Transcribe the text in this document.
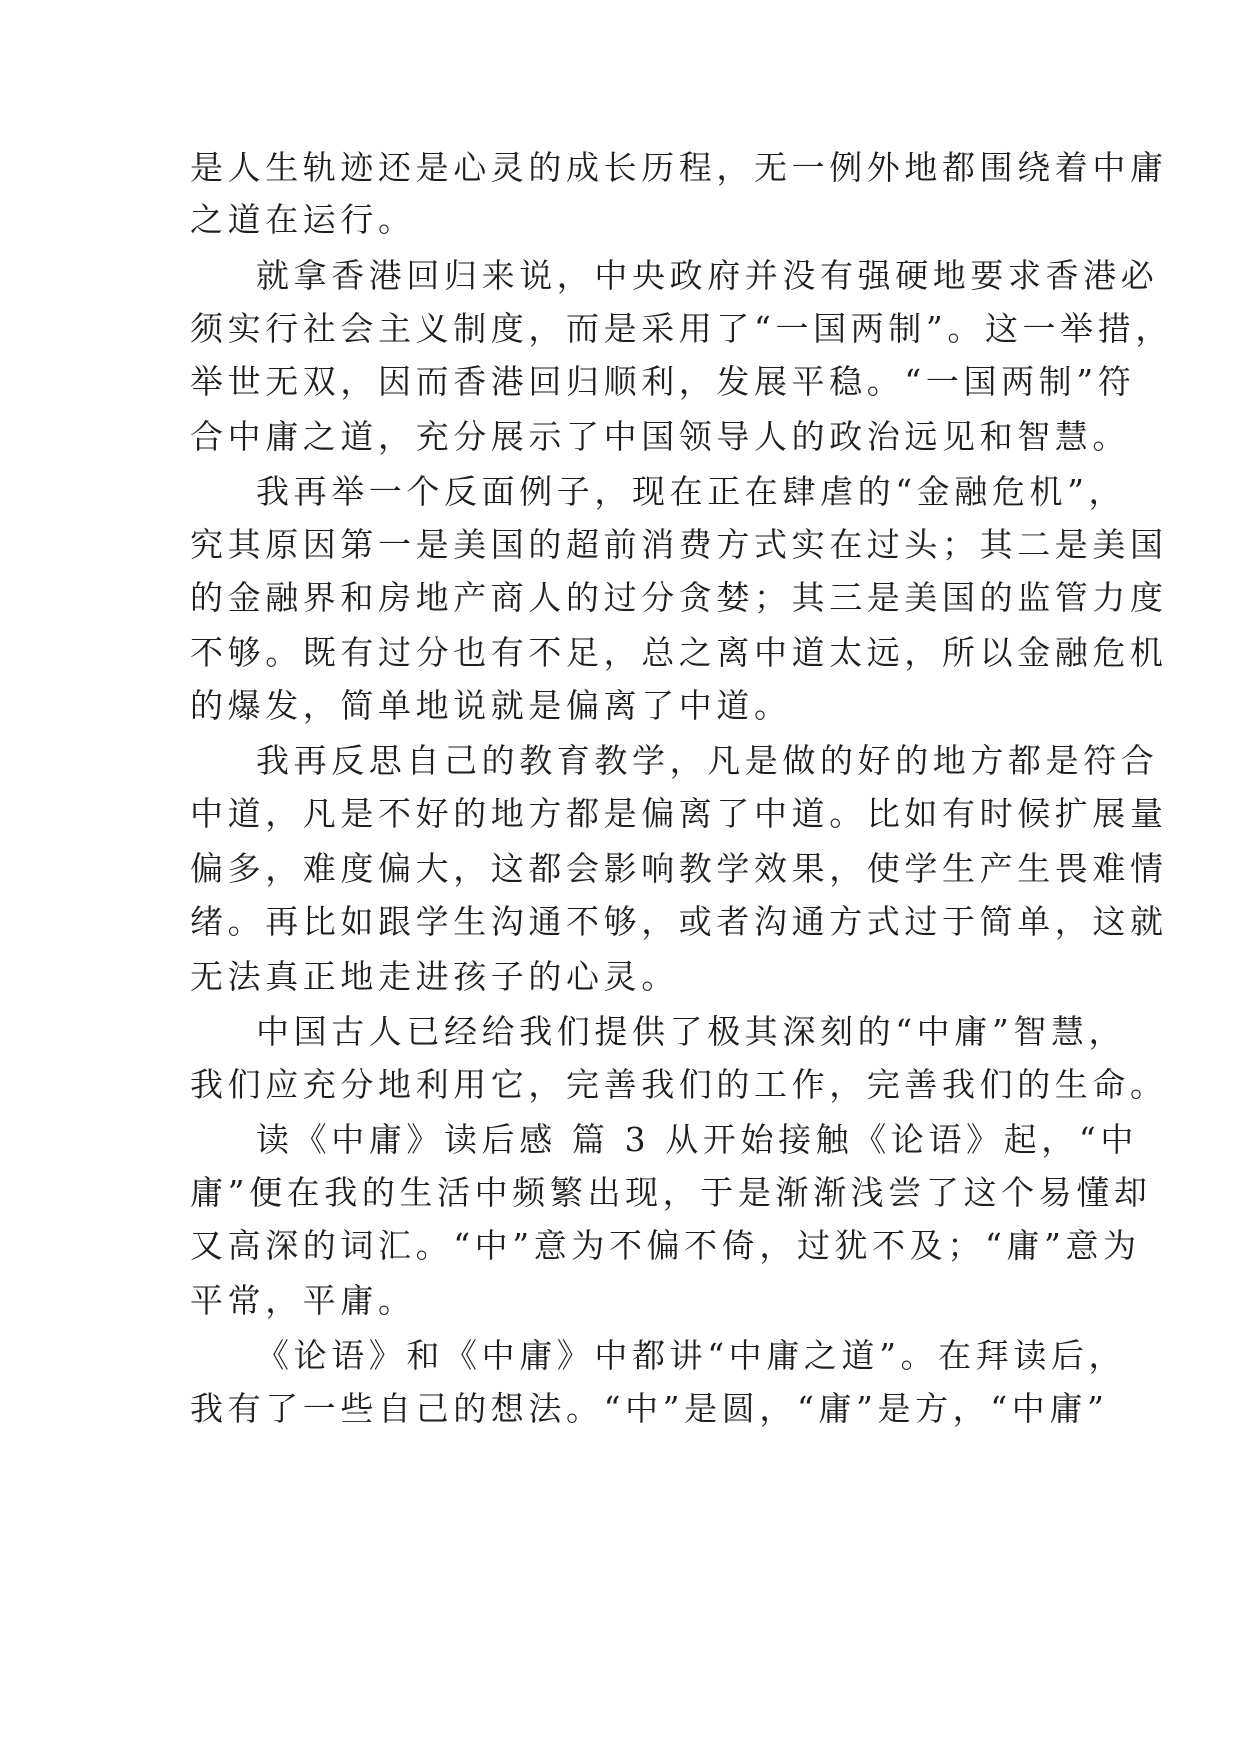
是人生轨迹还是心灵的成长历程，无一例外地都围绕着中庸
之道在运行。
就拿香港回归来说，中央政府并没有强硬地要求香港必
须实行社会主义制度，而是采用了“一国两制”。这一举措，
举世无双，因而香港回归顺利，发展平稳。“一国两制”符
合中庸之道，充分展示了中国领导人的政治远见和智慧。
我再举一个反面例子，现在正在肆虐的“金融危机”，
究其原因第一是美国的超前消费方式实在过头；其二是美国
的金融界和房地产商人的过分贪婪；其三是美国的监管力度
不够。既有过分也有不足，总之离中道太远，所以金融危机
的爆发，简单地说就是偏离了中道。
我再反思自己的教育教学，凡是做的好的地方都是符合
中道，凡是不好的地方都是偏离了中道。比如有时候扩展量
偏多，难度偏大，这都会影响教学效果，使学生产生畏难情
绪。再比如跟学生沟通不够，或者沟通方式过于简单，这就
无法真正地走进孩子的心灵。
中国古人已经给我们提供了极其深刻的“中庸”智慧，
我们应充分地利用它，完善我们的工作，完善我们的生命。
读《中庸》读后感 篇 3 从开始接触《论语》起，“中
庸”便在我的生活中频繁出现，于是渐渐浅尝了这个易懂却
又高深的词汇。“中”意为不偏不倚，过犹不及；“庸”意为
平常，平庸。
《论语》和《中庸》中都讲“中庸之道”。在拜读后，
我有了一些自己的想法。“中”是圆，“庸”是方，“中庸”
